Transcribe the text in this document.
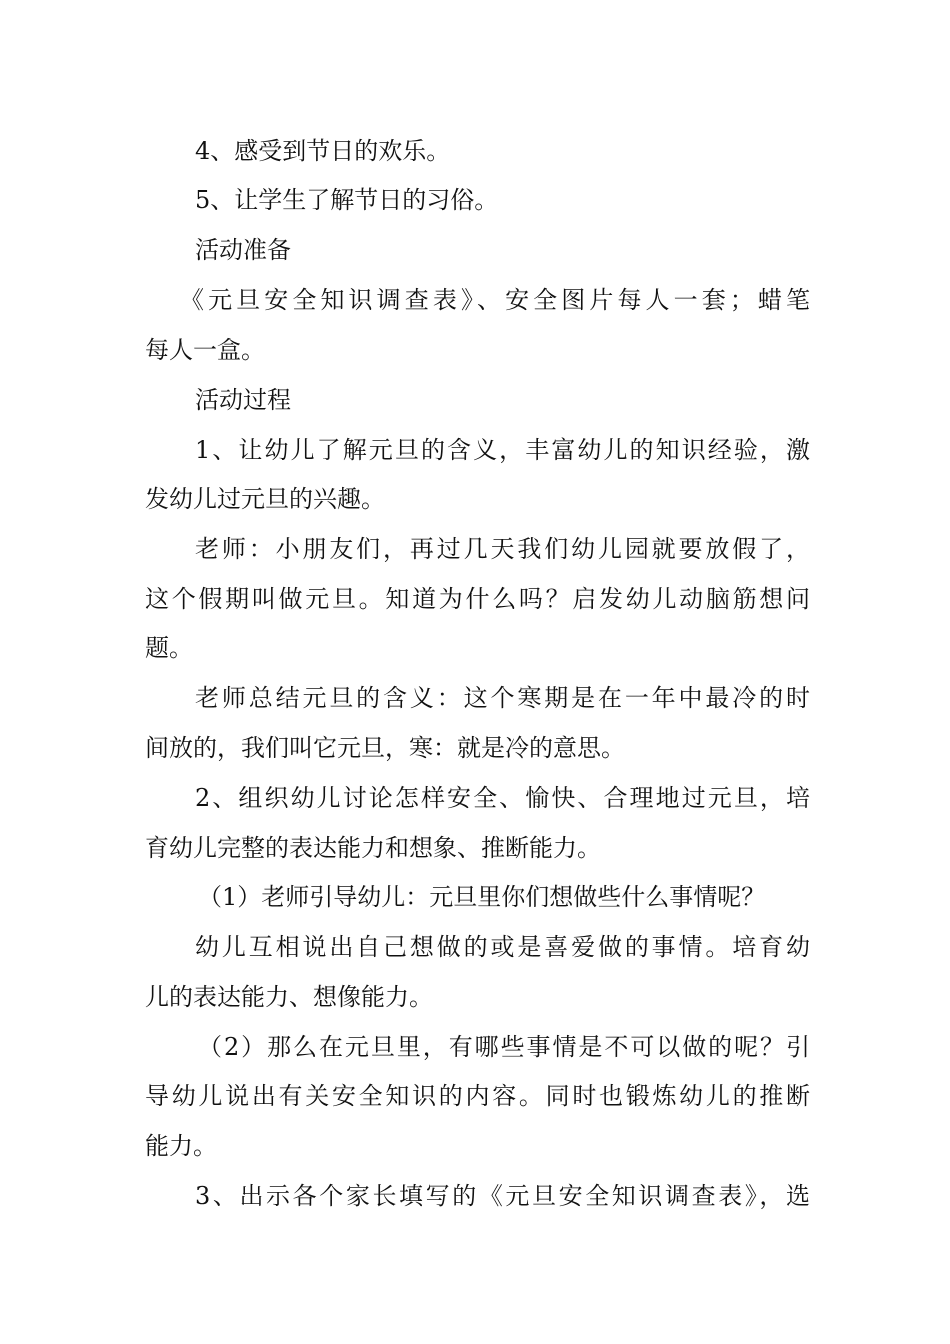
4、感受到节日的欢乐。
5、让学生了解节日的习俗。
活动准备
《元旦安全知识调查表》、安全图片每人一套；蜡笔
每人一盒。
活动过程
1、让幼儿了解元旦的含义，丰富幼儿的知识经验，激
发幼儿过元旦的兴趣。
老师：小朋友们，再过几天我们幼儿园就要放假了，
这个假期叫做元旦。知道为什么吗？启发幼儿动脑筋想问
题。
老师总结元旦的含义：这个寒期是在一年中最冷的时
间放的，我们叫它元旦，寒：就是冷的意思。
2、组织幼儿讨论怎样安全、愉快、合理地过元旦，培
育幼儿完整的表达能力和想象、推断能力。
（1）老师引导幼儿：元旦里你们想做些什么事情呢？
幼儿互相说出自己想做的或是喜爱做的事情。培育幼
儿的表达能力、想像能力。
（2）那么在元旦里，有哪些事情是不可以做的呢？引
导幼儿说出有关安全知识的内容。同时也锻炼幼儿的推断
能力。
3、出示各个家长填写的《元旦安全知识调查表》，选
